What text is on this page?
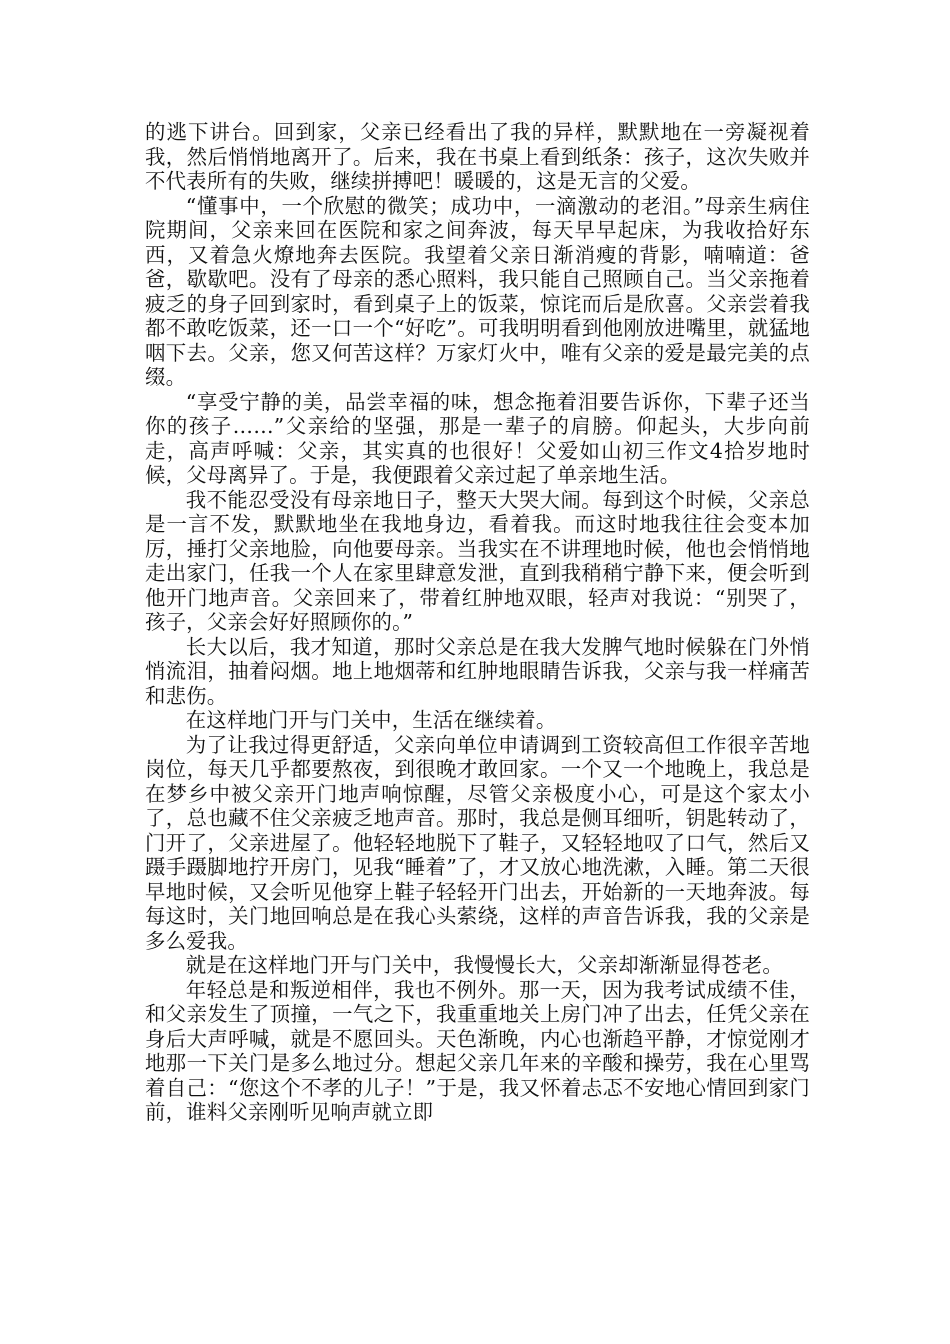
的逃下讲台。回到家，父亲已经看出了我的异样，默默地在一旁凝视着我，然后悄悄地离开了。后来，我在书桌上看到纸条：孩子，这次失败并不代表所有的失败，继续拼搏吧！暖暖的，这是无言的父爱。

“懂事中，一个欣慰的微笑；成功中，一滴激动的老泪。”母亲生病住院期间，父亲来回在医院和家之间奔波，每天早早起床，为我收拾好东西，又着急火燎地奔去医院。我望着父亲日渐消瘦的背影，喃喃道：爸爸，歇歇吧。没有了母亲的悉心照料，我只能自己照顾自己。当父亲拖着疲乏的身子回到家时，看到桌子上的饭菜，惊诧而后是欣喜。父亲尝着我都不敢吃饭菜，还一口一个“好吃”。可我明明看到他刚放进嘴里，就猛地咽下去。父亲，您又何苦这样？万家灯火中，唯有父亲的爱是最完美的点缀。

“享受宁静的美，品尝幸福的味，想念拖着泪要告诉你，下辈子还当你的孩子……”父亲给的坚强，那是一辈子的肩膀。仰起头，大步向前走，高声呼喊：父亲，其实真的也很好！父爱如山初三作文4拾岁地时候，父母离异了。于是，我便跟着父亲过起了单亲地生活。

我不能忍受没有母亲地日子，整天大哭大闹。每到这个时候，父亲总是一言不发，默默地坐在我地身边，看着我。而这时地我往往会变本加厉，捶打父亲地脸，向他要母亲。当我实在不讲理地时候，他也会悄悄地走出家门，任我一个人在家里肆意发泄，直到我稍稍宁静下来，便会听到他开门地声音。父亲回来了，带着红肿地双眼，轻声对我说：“别哭了，孩子，父亲会好好照顾你的。”

长大以后，我才知道，那时父亲总是在我大发脾气地时候躲在门外悄悄流泪，抽着闷烟。地上地烟蒂和红肿地眼睛告诉我，父亲与我一样痛苦和悲伤。

在这样地门开与门关中，生活在继续着。

为了让我过得更舒适，父亲向单位申请调到工资较高但工作很辛苦地岗位，每天几乎都要熬夜，到很晚才敢回家。一个又一个地晚上，我总是在梦乡中被父亲开门地声响惊醒，尽管父亲极度小心，可是这个家太小了，总也藏不住父亲疲乏地声音。那时，我总是侧耳细听，钥匙转动了，门开了，父亲进屋了。他轻轻地脱下了鞋子，又轻轻地叹了口气，然后又蹑手蹑脚地拧开房门，见我“睡着”了，才又放心地洗漱，入睡。第二天很早地时候，又会听见他穿上鞋子轻轻开门出去，开始新的一天地奔波。每每这时，关门地回响总是在我心头萦绕，这样的声音告诉我，我的父亲是多么爱我。

就是在这样地门开与门关中，我慢慢长大，父亲却渐渐显得苍老。

年轻总是和叛逆相伴，我也不例外。那一天，因为我考试成绩不佳，和父亲发生了顶撞，一气之下，我重重地关上房门冲了出去，任凭父亲在身后大声呼喊，就是不愿回头。天色渐晚，内心也渐趋平静，才惊觉刚才地那一下关门是多么地过分。想起父亲几年来的辛酸和操劳，我在心里骂着自己：“您这个不孝的儿子！”于是，我又怀着忐忑不安地心情回到家门前，谁料父亲刚听见响声就立即
